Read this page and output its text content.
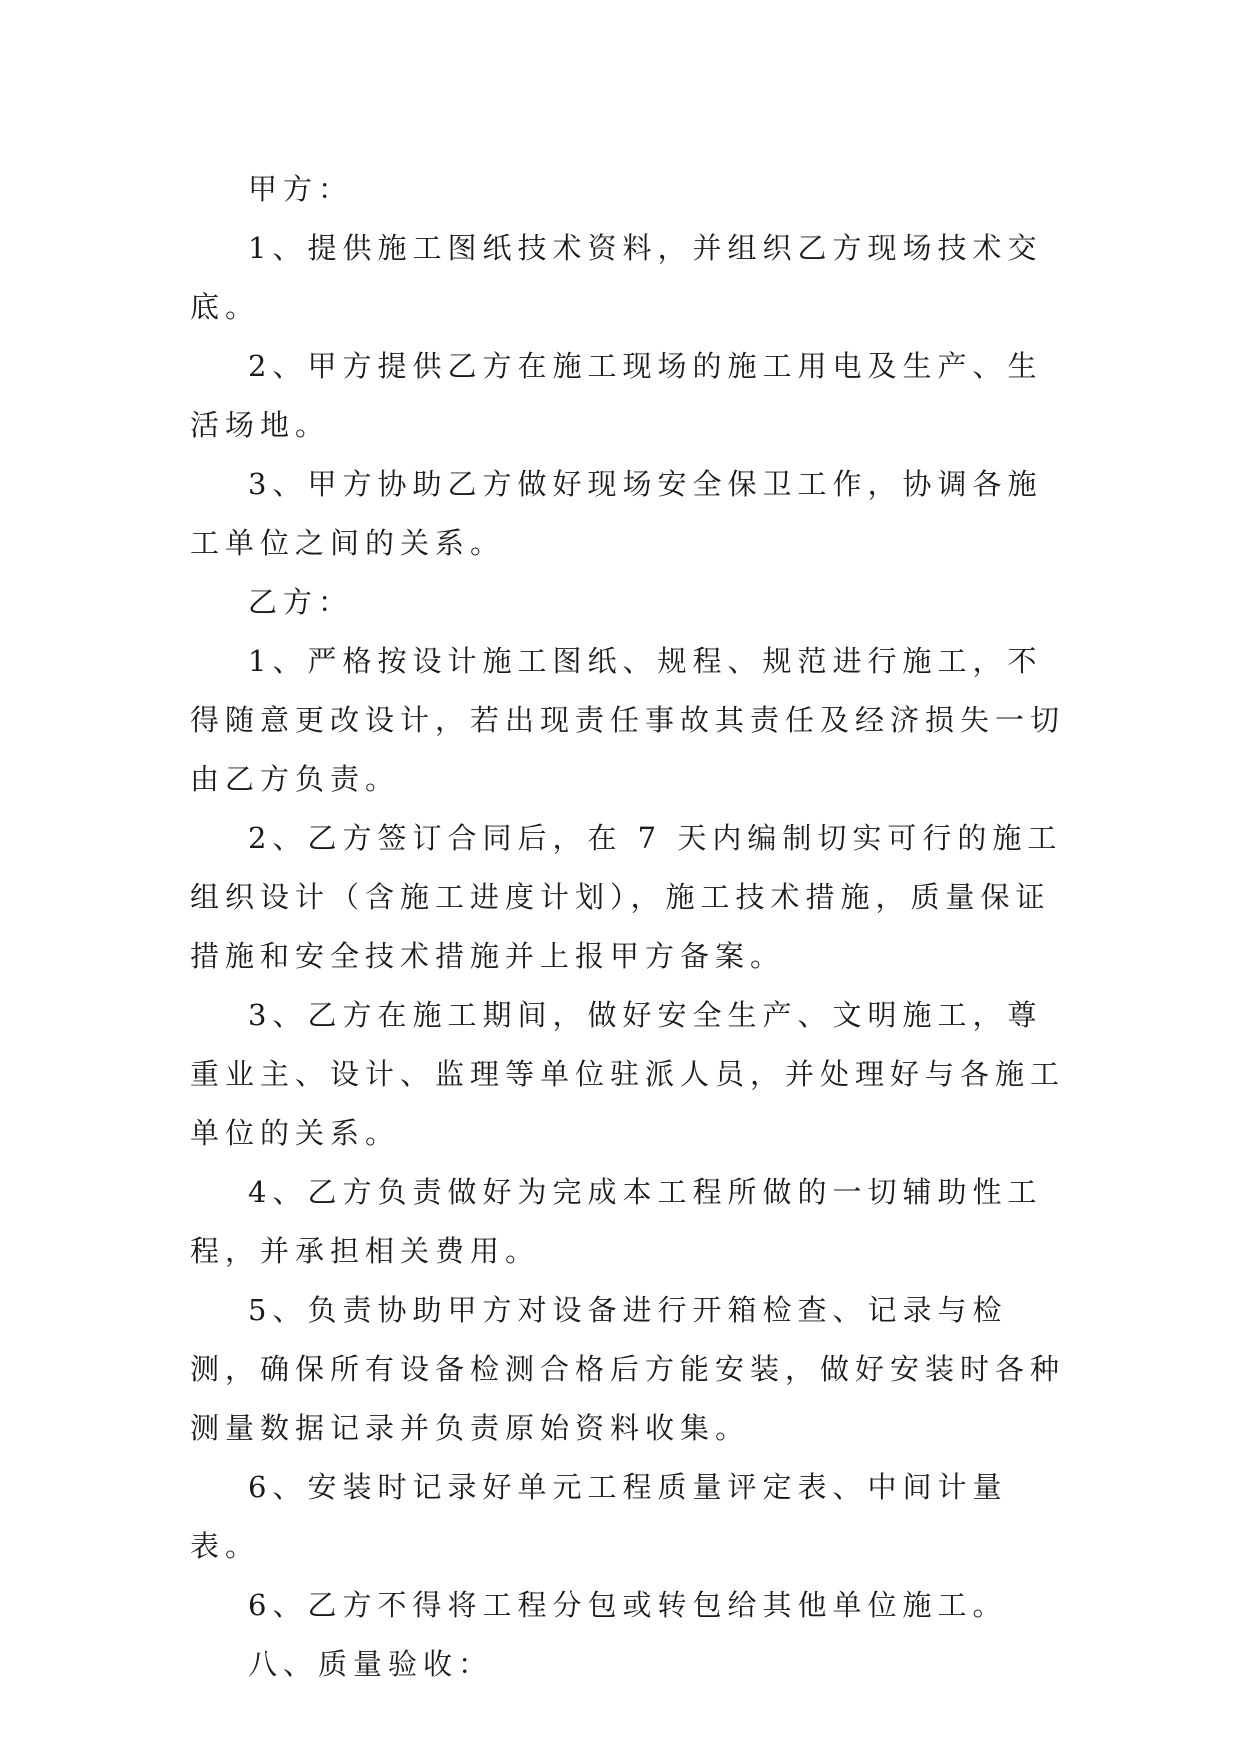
甲方：

1、提供施工图纸技术资料，并组织乙方现场技术交底。

2、甲方提供乙方在施工现场的施工用电及生产、生活场地。

3、甲方协助乙方做好现场安全保卫工作，协调各施工单位之间的关系。

乙方：

1、严格按设计施工图纸、规程、规范进行施工，不得随意更改设计，若出现责任事故其责任及经济损失一切由乙方负责。

2、乙方签订合同后，在 7 天内编制切实可行的施工组织设计（含施工进度计划），施工技术措施，质量保证措施和安全技术措施并上报甲方备案。

3、乙方在施工期间，做好安全生产、文明施工，尊重业主、设计、监理等单位驻派人员，并处理好与各施工单位的关系。

4、乙方负责做好为完成本工程所做的一切辅助性工程，并承担相关费用。

5、负责协助甲方对设备进行开箱检查、记录与检测，确保所有设备检测合格后方能安装，做好安装时各种测量数据记录并负责原始资料收集。

6、安装时记录好单元工程质量评定表、中间计量表。

6、乙方不得将工程分包或转包给其他单位施工。

八、质量验收：
